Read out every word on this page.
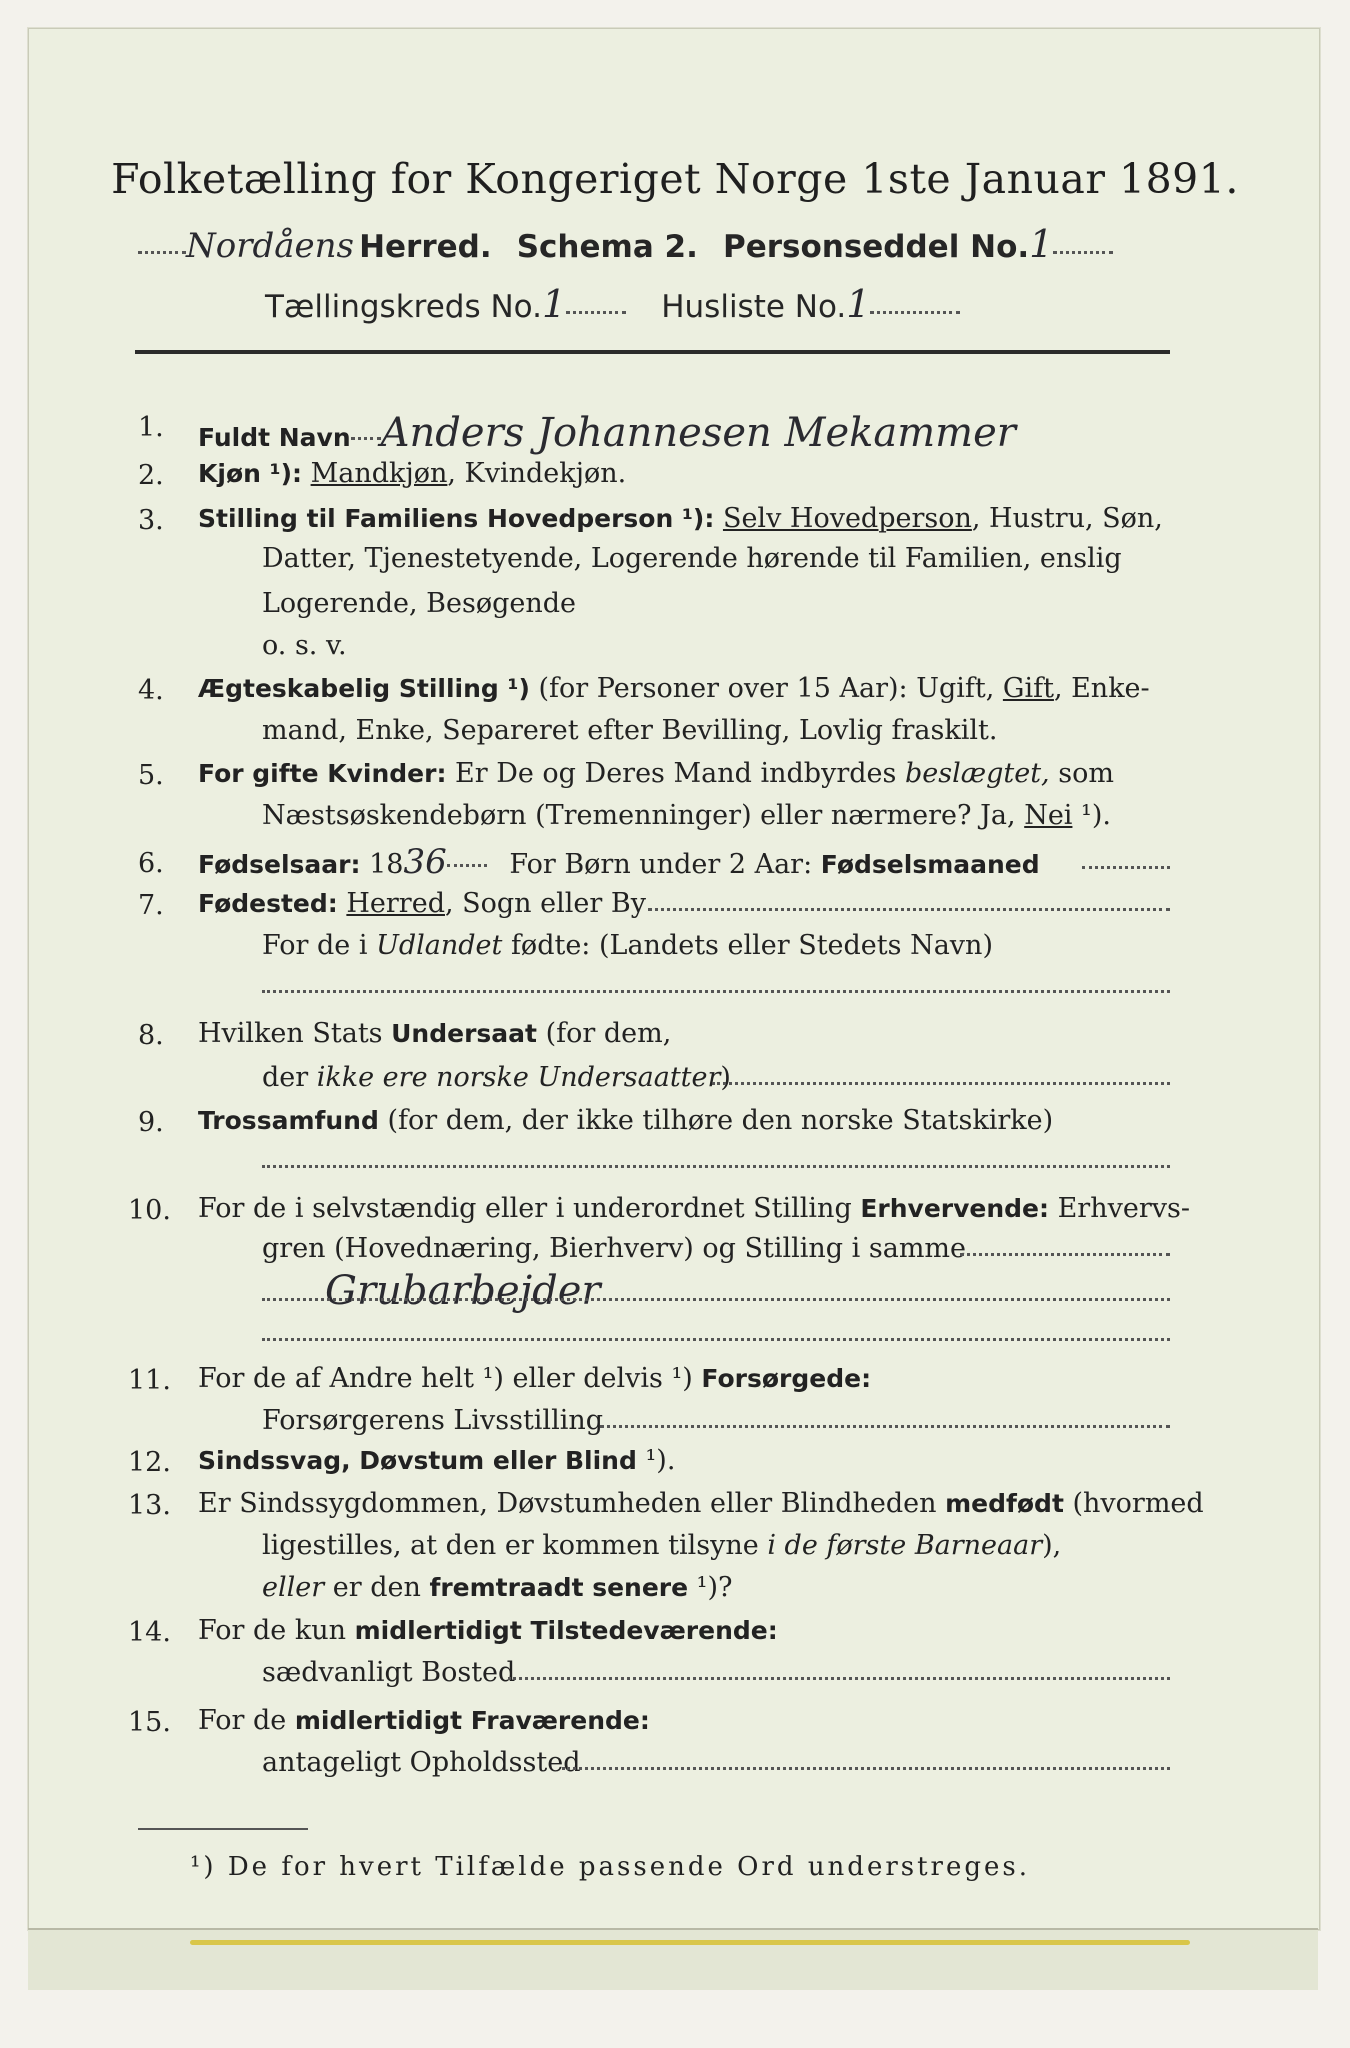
Folketælling for Kongeriget Norge 1ste Januar 1891.
Nordåens Herred. Schema 2. Personseddel No.1
Tællingskreds No.1	Husliste No.1
1. Fuldt Navn Anders Johannesen Mekammer
2. Kjøn ¹): Mandkjøn, Kvindekjøn.
3. Stilling til Familiens Hovedperson ¹): Selv Hovedperson, Hustru, Søn,
Datter, Tjenestetyende, Logerende hørende til Familien, enslig
Logerende, Besøgende
o. s. v.
4. Ægteskabelig Stilling ¹) (for Personer over 15 Aar): Ugift, Gift, Enke-
mand, Enke, Separeret efter Bevilling, Lovlig fraskilt.
5. For gifte Kvinder: Er De og Deres Mand indbyrdes beslægtet, som
Næstsøskendebørn (Tremenninger) eller nærmere? Ja, Nei ¹).
6. Fødselsaar: 1836 For Børn under 2 Aar: Fødselsmaaned
7. Fødested: Herred, Sogn eller By
For de i Udlandet fødte: (Landets eller Stedets Navn)
8. Hvilken Stats Undersaat (for dem,
der ikke ere norske Undersaatter)
9. Trossamfund (for dem, der ikke tilhøre den norske Statskirke)
10. For de i selvstændig eller i underordnet Stilling Erhvervende: Erhvervs-
gren (Hovednæring, Bierhverv) og Stilling i samme
Grubarbejder
11. For de af Andre helt ¹) eller delvis ¹) Forsørgede:
Forsørgerens Livsstilling
12. Sindssvag, Døvstum eller Blind ¹).
13. Er Sindssygdommen, Døvstumheden eller Blindheden medfødt (hvormed
ligestilles, at den er kommen tilsyne i de første Barneaar),
eller er den fremtraadt senere ¹)?
14. For de kun midlertidigt Tilstedeværende:
sædvanligt Bosted
15. For de midlertidigt Fraværende:
antageligt Opholdssted
¹) De for hvert Tilfælde passende Ord understreges.
